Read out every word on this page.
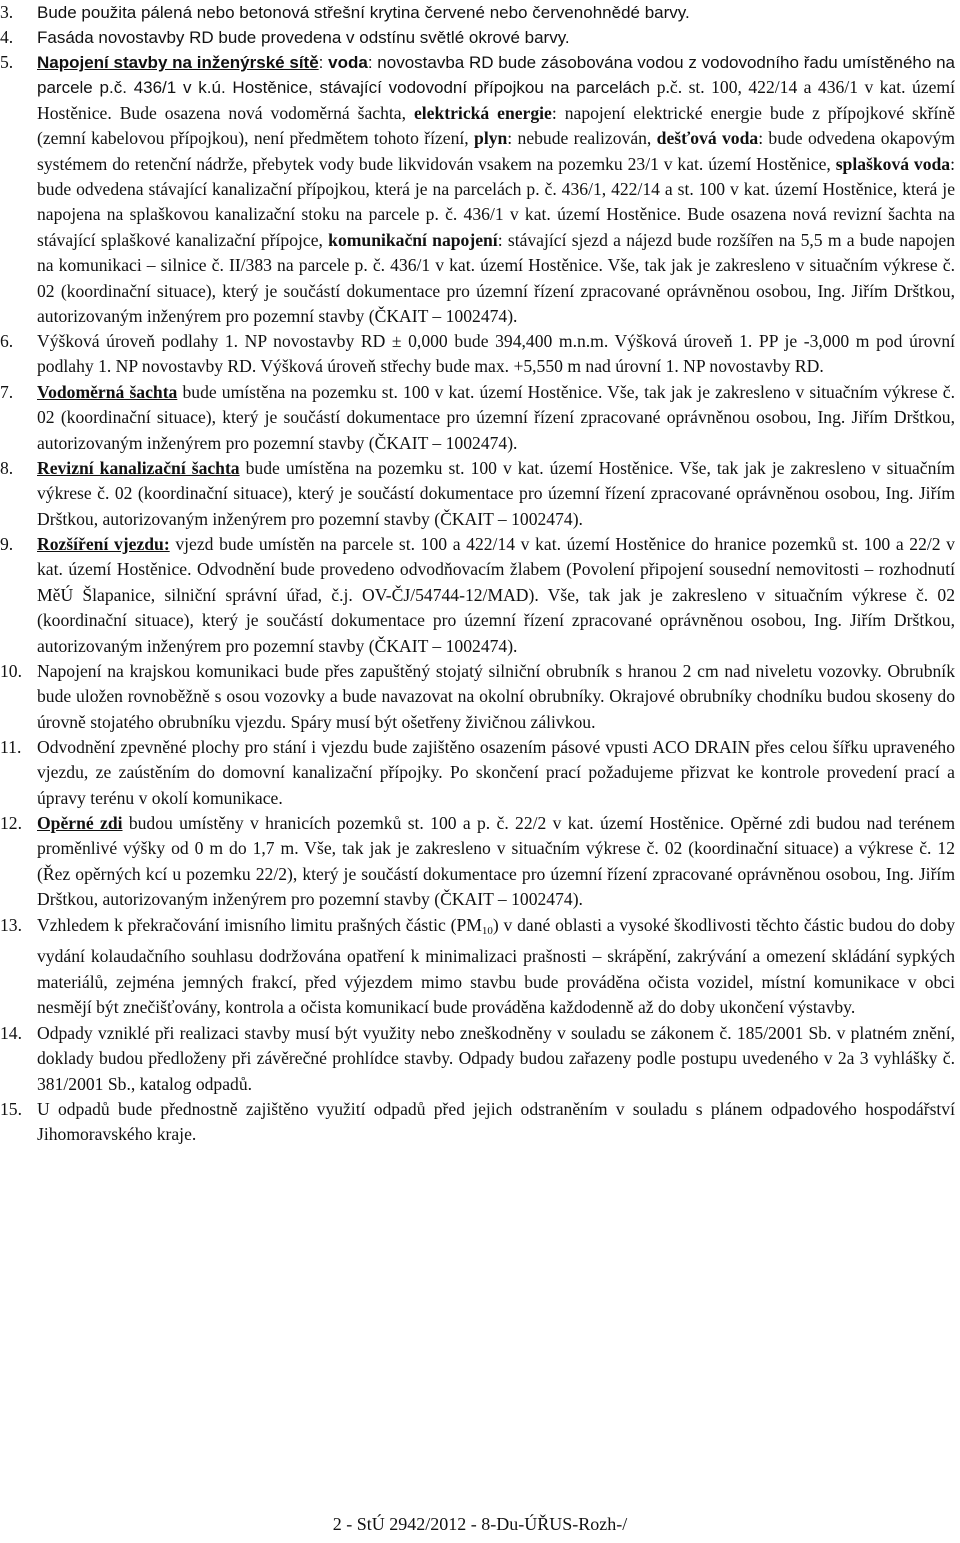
3.	Bude použita pálená nebo betonová střešní krytina červené nebo červenohnědé barvy.
4.	Fasáda novostavby RD bude provedena v odstínu světlé okrové barvy.
5.	Napojení stavby na inženýrské sítě: voda: novostavba RD bude zásobována vodou z vodovodního řadu umístěného na parcele p.č. 436/1 v k.ú. Hostěnice, stávající vodovodní přípojkou na parcelách p.č. st. 100, 422/14 a 436/1 v kat. území Hostěnice. Bude osazena nová vodoměrná šachta, elektrická energie: napojení elektrické energie bude z přípojkové skříně (zemní kabelovou přípojkou), není předmětem tohoto řízení, plyn: nebude realizován, dešťová voda: bude odvedena okapovým systémem do retenční nádrže, přebytek vody bude likvidován vsakem na pozemku 23/1 v kat. území Hostěnice, splašková voda: bude odvedena stávající kanalizační přípojkou, která je na parcelách p. č. 436/1, 422/14 a st. 100 v kat. území Hostěnice, která je napojena na splaškovou kanalizační stoku na parcele p. č. 436/1 v kat. území Hostěnice. Bude osazena nová revizní šachta na stávající splaškové kanalizační přípojce, komunikační napojení: stávající sjezd a nájezd bude rozšířen na 5,5 m a bude napojen na komunikaci – silnice č. II/383 na parcele p. č. 436/1 v kat. území Hostěnice. Vše, tak jak je zakresleno v situačním výkrese č. 02 (koordinační situace), který je součástí dokumentace pro územní řízení zpracované oprávněnou osobou, Ing. Jiřím Drštkou, autorizovaným inženýrem pro pozemní stavby (ČKAIT – 1002474).
6.	Výšková úroveň podlahy 1. NP novostavby RD ± 0,000 bude 394,400 m.n.m. Výšková úroveň 1. PP je -3,000 m pod úrovní podlahy 1. NP novostavby RD. Výšková úroveň střechy bude max. +5,550 m nad úrovní 1. NP novostavby RD.
7.	Vodoměrná šachta bude umístěna na pozemku st. 100 v kat. území Hostěnice. Vše, tak jak je zakresleno v situačním výkrese č. 02 (koordinační situace), který je součástí dokumentace pro územní řízení zpracované oprávněnou osobou, Ing. Jiřím Drštkou, autorizovaným inženýrem pro pozemní stavby (ČKAIT – 1002474).
8.	Revizní kanalizační šachta bude umístěna na pozemku st. 100 v kat. území Hostěnice. Vše, tak jak je zakresleno v situačním výkrese č. 02 (koordinační situace), který je součástí dokumentace pro územní řízení zpracované oprávněnou osobou, Ing. Jiřím Drštkou, autorizovaným inženýrem pro pozemní stavby (ČKAIT – 1002474).
9.	Rozšíření vjezdu: vjezd bude umístěn na parcele st. 100 a 422/14 v kat. území Hostěnice do hranice pozemků st. 100 a 22/2 v kat. území Hostěnice. Odvodnění bude provedeno odvodňovacím žlabem (Povolení připojení sousední nemovitosti – rozhodnutí MěÚ Šlapanice, silniční správní úřad, č.j. OV-ČJ/54744-12/MAD). Vše, tak jak je zakresleno v situačním výkrese č. 02 (koordinační situace), který je součástí dokumentace pro územní řízení zpracované oprávněnou osobou, Ing. Jiřím Drštkou, autorizovaným inženýrem pro pozemní stavby (ČKAIT – 1002474).
10. Napojení na krajskou komunikaci bude přes zapuštěný stojatý silniční obrubník s hranou 2 cm nad niveletu vozovky. Obrubník bude uložen rovnoběžně s osou vozovky a bude navazovat na okolní obrubníky. Okrajové obrubníky chodníku budou skoseny do úrovně stojatého obrubníku vjezdu. Spáry musí být ošetřeny živičnou zálivkou.
11. Odvodnění zpevněné plochy pro stání i vjezdu bude zajištěno osazením pásové vpusti ACO DRAIN přes celou šířku upraveného vjezdu, ze zaústěním do domovní kanalizační přípojky. Po skončení prací požadujeme přizvat ke kontrole provedení prací a úpravy terénu v okolí komunikace.
12. Opěrné zdi budou umístěny v hranicích pozemků st. 100 a p. č. 22/2 v kat. území Hostěnice. Opěrné zdi budou nad terénem proměnlivé výšky od 0 m do 1,7 m. Vše, tak jak je zakresleno v situačním výkrese č. 02 (koordinační situace) a výkrese č. 12 (Řez opěrných kcí u pozemku 22/2), který je součástí dokumentace pro územní řízení zpracované oprávněnou osobou, Ing. Jiřím Drštkou, autorizovaným inženýrem pro pozemní stavby (ČKAIT – 1002474).
13. Vzhledem k překračování imisního limitu prašných částic $(PM_{10})$ v dané oblasti a vysoké škodlivosti těchto částic budou do doby vydání kolaudačního souhlasu dodržována opatření k minimalizaci prašnosti – skrápění, zakrývání a omezení skládání sypkých materiálů, zejména jemných frakcí, před výjezdem mimo stavbu bude prováděna očista vozidel, místní komunikace v obci nesmějí být znečišťovány, kontrola a očista komunikací bude prováděna každodenně až do doby ukončení výstavby.
14. Odpady vzniklé při realizaci stavby musí být využity nebo zneškodněny v souladu se zákonem č. 185/2001 Sb. v platném znění, doklady budou předloženy při závěrečné prohlídce stavby. Odpady budou zařazeny podle postupu uvedeného v 2a 3 vyhlášky č. 381/2001 Sb., katalog odpadů.
15. U odpadů bude přednostně zajištěno využití odpadů před jejich odstraněním v souladu s plánem odpadového hospodářství Jihomoravského kraje.
2 - StÚ 2942/2012 - 8-Du-ÚŘUS-Rozh-/
